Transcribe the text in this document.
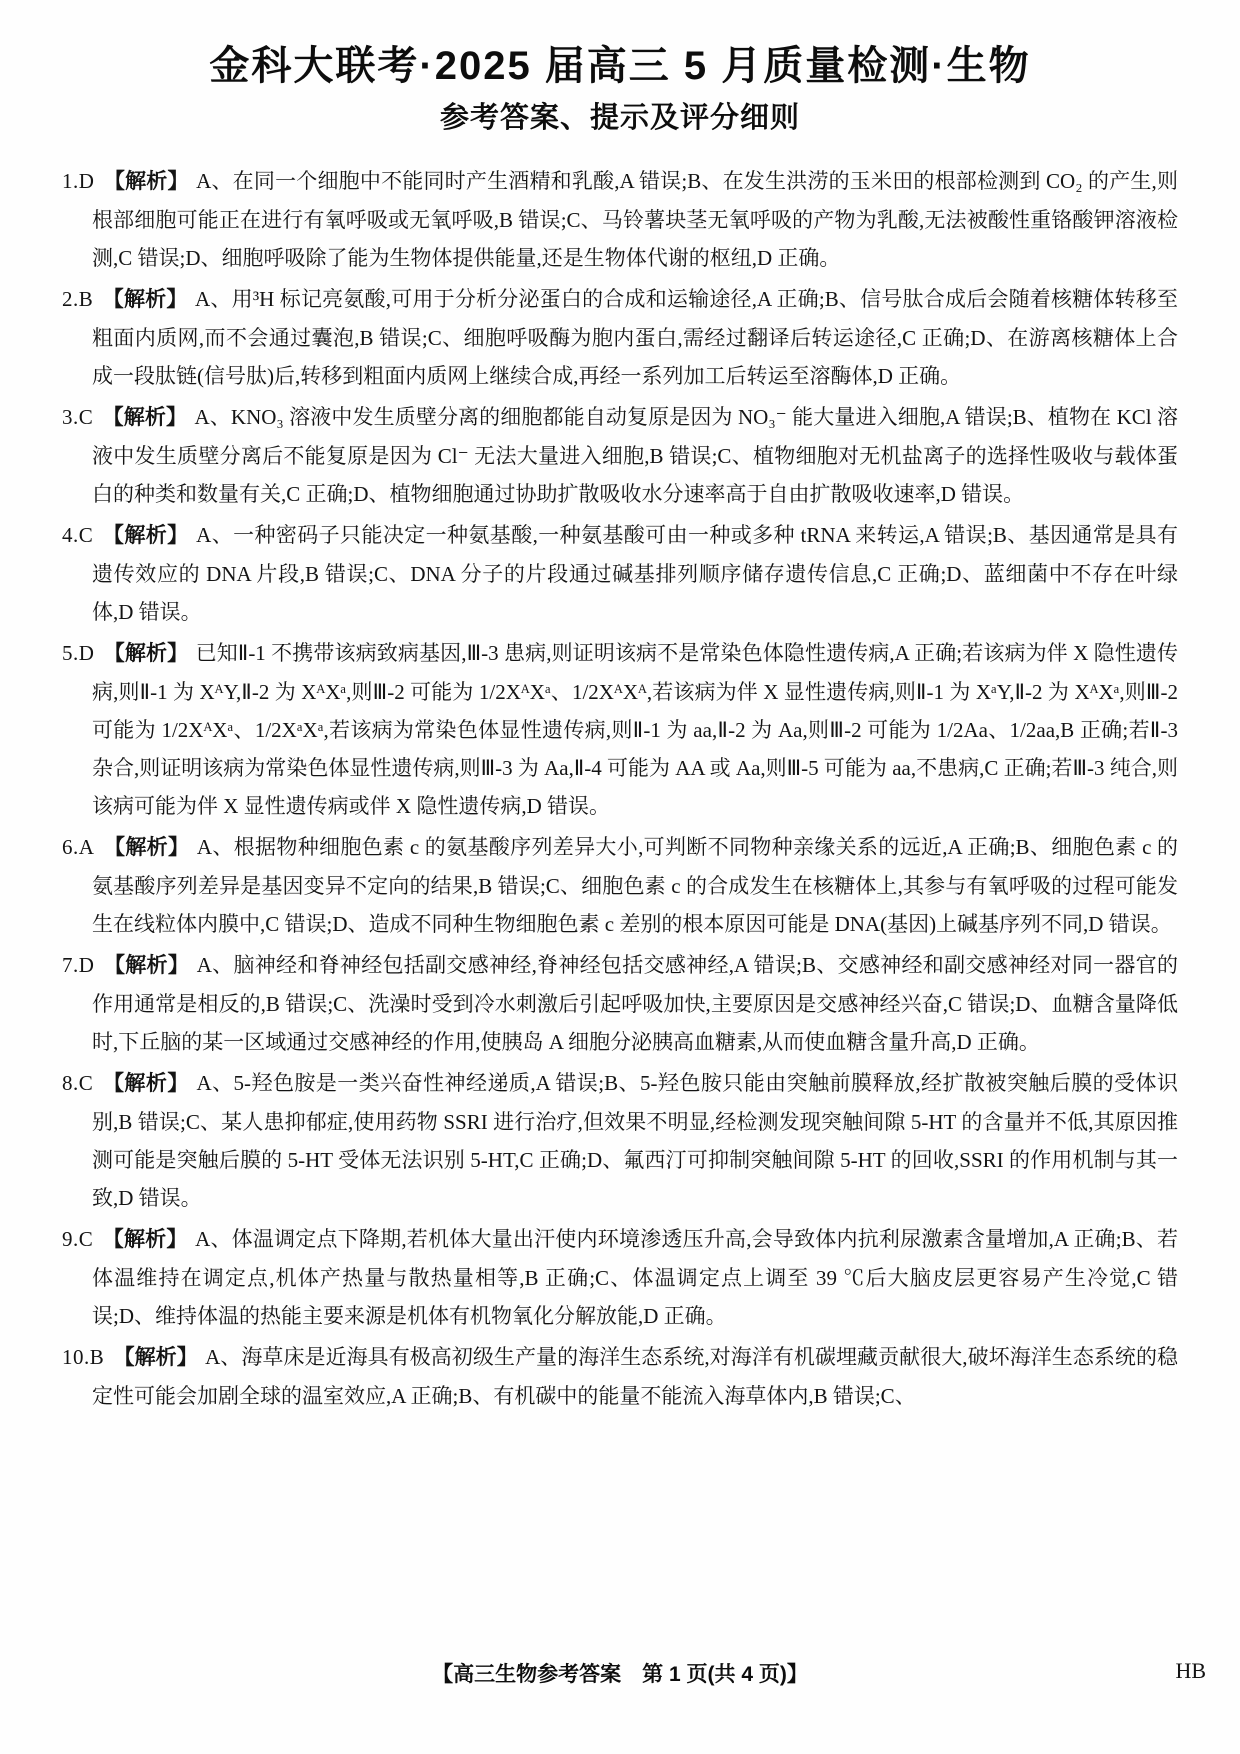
金科大联考·2025 届高三 5 月质量检测·生物
参考答案、提示及评分细则

1.D 【解析】 A、在同一个细胞中不能同时产生酒精和乳酸,A 错误;B、在发生洪涝的玉米田的根部检测到 CO₂ 的产生,则根部细胞可能正在进行有氧呼吸或无氧呼吸,B 错误;C、马铃薯块茎无氧呼吸的产物为乳酸,无法被酸性重铬酸钾溶液检测,C 错误;D、细胞呼吸除了能为生物体提供能量,还是生物体代谢的枢纽,D 正确。

2.B 【解析】 A、用³H 标记亮氨酸,可用于分析分泌蛋白的合成和运输途径,A 正确;B、信号肽合成后会随着核糖体转移至粗面内质网,而不会通过囊泡,B 错误;C、细胞呼吸酶为胞内蛋白,需经过翻译后转运途径,C 正确;D、在游离核糖体上合成一段肽链(信号肽)后,转移到粗面内质网上继续合成,再经一系列加工后转运至溶酶体,D 正确。

3.C 【解析】 A、KNO₃ 溶液中发生质壁分离的细胞都能自动复原是因为 NO₃⁻ 能大量进入细胞,A 错误;B、植物在 KCl 溶液中发生质壁分离后不能复原是因为 Cl⁻ 无法大量进入细胞,B 错误;C、植物细胞对无机盐离子的选择性吸收与载体蛋白的种类和数量有关,C 正确;D、植物细胞通过协助扩散吸收水分速率高于自由扩散吸收速率,D 错误。

4.C 【解析】 A、一种密码子只能决定一种氨基酸,一种氨基酸可由一种或多种 tRNA 来转运,A 错误;B、基因通常是具有遗传效应的 DNA 片段,B 错误;C、DNA 分子的片段通过碱基排列顺序储存遗传信息,C 正确;D、蓝细菌中不存在叶绿体,D 错误。

5.D 【解析】 已知Ⅱ-1 不携带该病致病基因,Ⅲ-3 患病,则证明该病不是常染色体隐性遗传病,A 正确;若该病为伴 X 隐性遗传病,则Ⅱ-1 为 XᴬY,Ⅱ-2 为 XᴬXᵃ,则Ⅲ-2 可能为 1/2XᴬXᵃ、1/2XᴬXᴬ,若该病为伴 X 显性遗传病,则Ⅱ-1 为 XᵃY,Ⅱ-2 为 XᴬXᵃ,则Ⅲ-2 可能为 1/2XᴬXᵃ、1/2XᵃXᵃ,若该病为常染色体显性遗传病,则Ⅱ-1 为 aa,Ⅱ-2 为 Aa,则Ⅲ-2 可能为 1/2Aa、1/2aa,B 正确;若Ⅱ-3 杂合,则证明该病为常染色体显性遗传病,则Ⅲ-3 为 Aa,Ⅱ-4 可能为 AA 或 Aa,则Ⅲ-5 可能为 aa,不患病,C 正确;若Ⅲ-3 纯合,则该病可能为伴 X 显性遗传病或伴 X 隐性遗传病,D 错误。

6.A 【解析】 A、根据物种细胞色素 c 的氨基酸序列差异大小,可判断不同物种亲缘关系的远近,A 正确;B、细胞色素 c 的氨基酸序列差异是基因变异不定向的结果,B 错误;C、细胞色素 c 的合成发生在核糖体上,其参与有氧呼吸的过程可能发生在线粒体内膜中,C 错误;D、造成不同种生物细胞色素 c 差别的根本原因可能是 DNA(基因)上碱基序列不同,D 错误。

7.D 【解析】 A、脑神经和脊神经包括副交感神经,脊神经包括交感神经,A 错误;B、交感神经和副交感神经对同一器官的作用通常是相反的,B 错误;C、洗澡时受到冷水刺激后引起呼吸加快,主要原因是交感神经兴奋,C 错误;D、血糖含量降低时,下丘脑的某一区域通过交感神经的作用,使胰岛 A 细胞分泌胰高血糖素,从而使血糖含量升高,D 正确。

8.C 【解析】 A、5-羟色胺是一类兴奋性神经递质,A 错误;B、5-羟色胺只能由突触前膜释放,经扩散被突触后膜的受体识别,B 错误;C、某人患抑郁症,使用药物 SSRI 进行治疗,但效果不明显,经检测发现突触间隙 5-HT 的含量并不低,其原因推测可能是突触后膜的 5-HT 受体无法识别 5-HT,C 正确;D、氟西汀可抑制突触间隙 5-HT 的回收,SSRI 的作用机制与其一致,D 错误。

9.C 【解析】 A、体温调定点下降期,若机体大量出汗使内环境渗透压升高,会导致体内抗利尿激素含量增加,A 正确;B、若体温维持在调定点,机体产热量与散热量相等,B 正确;C、体温调定点上调至 39 ℃后大脑皮层更容易产生冷觉,C 错误;D、维持体温的热能主要来源是机体有机物氧化分解放能,D 正确。

10.B 【解析】 A、海草床是近海具有极高初级生产量的海洋生态系统,对海洋有机碳埋藏贡献很大,破坏海洋生态系统的稳定性可能会加剧全球的温室效应,A 正确;B、有机碳中的能量不能流入海草体内,B 错误;C、

【高三生物参考答案　第 1 页(共 4 页)】	HB
